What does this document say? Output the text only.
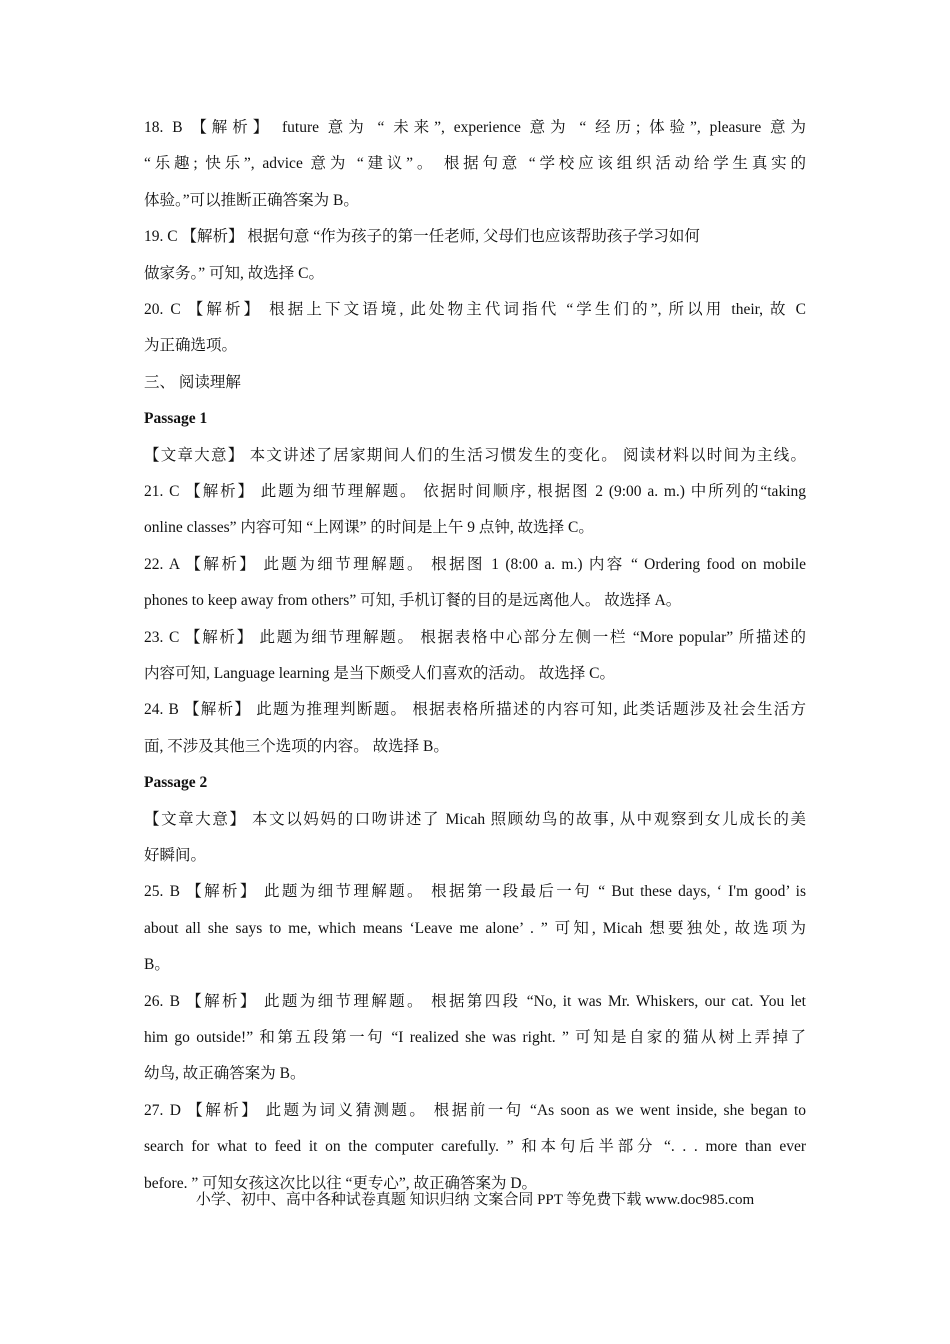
18. B 【解析】 future 意为 “ 未来”, experience 意为 “ 经历; 体验”, pleasure 意为

“乐趣; 快乐”, advice 意为 “建议”。 根据句意 “学校应该组织活动给学生真实的

体验。”可以推断正确答案为 B。

19. C 【解析】 根据句意 “作为孩子的第一任老师, 父母们也应该帮助孩子学习如何

做家务。” 可知, 故选择 C。

20. C 【解析】 根据上下文语境, 此处物主代词指代 “学生们的”, 所以用 their, 故 C

为正确选项。

三、 阅读理解

Passage 1

【文章大意】 本文讲述了居家期间人们的生活习惯发生的变化。 阅读材料以时间为主线。

21. C 【解析】 此题为细节理解题。 依据时间顺序, 根据图 2 (9:00 a. m.) 中所列的“taking

online classes” 内容可知 “上网课” 的时间是上午 9 点钟, 故选择 C。

22. A 【解析】 此题为细节理解题。 根据图 1 (8:00 a. m.) 内容 “ Ordering food on mobile

phones to keep away from others” 可知, 手机订餐的目的是远离他人。 故选择 A。

23. C 【解析】 此题为细节理解题。 根据表格中心部分左侧一栏 “More popular” 所描述的

内容可知, Language learning 是当下颇受人们喜欢的活动。 故选择 C。

24. B 【解析】 此题为推理判断题。 根据表格所描述的内容可知, 此类话题涉及社会生活方

面, 不涉及其他三个选项的内容。 故选择 B。

Passage 2

【文章大意】 本文以妈妈的口吻讲述了 Micah 照顾幼鸟的故事, 从中观察到女儿成长的美

好瞬间。

25. B 【解析】 此题为细节理解题。 根据第一段最后一句 “ But these days, ‘ I'm good’ is

about all she says to me, which means ‘Leave me alone’ . ” 可知, Micah 想要独处, 故选项为

B。

26. B 【解析】 此题为细节理解题。 根据第四段 “No, it was Mr. Whiskers, our cat. You let

him go outside!” 和第五段第一句 “I realized she was right. ” 可知是自家的猫从树上弄掉了

幼鸟, 故正确答案为 B。

27. D 【解析】 此题为词义猜测题。 根据前一句 “As soon as we went inside, she began to

search for what to feed it on the computer carefully. ” 和本句后半部分 “. . . more than ever

before. ” 可知女孩这次比以往 “更专心”, 故正确答案为 D。

小学、初中、高中各种试卷真题 知识归纳 文案合同 PPT 等免费下载 www.doc985.com
